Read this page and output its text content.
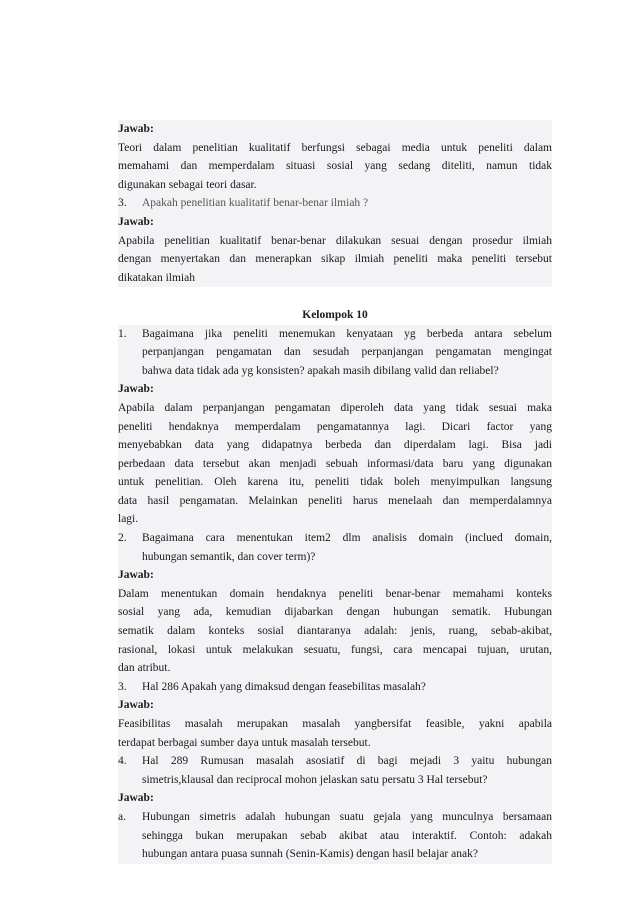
Jawab:
Teori dalam penelitian kualitatif berfungsi sebagai media untuk peneliti dalam
memahami dan memperdalam situasi sosial yang sedang diteliti, namun tidak
digunakan sebagai teori dasar.
3.	Apakah penelitian kualitatif benar-benar ilmiah ?
Jawab:
Apabila penelitian kualitatif benar-benar dilakukan sesuai dengan prosedur ilmiah
dengan menyertakan dan menerapkan sikap ilmiah peneliti maka peneliti tersebut
dikatakan ilmiah
Kelompok 10
1.	Bagaimana jika peneliti menemukan kenyataan yg berbeda antara sebelum
perpanjangan pengamatan dan sesudah perpanjangan pengamatan mengingat
bahwa data tidak ada yg konsisten? apakah masih dibilang valid dan reliabel?
Jawab:
Apabila dalam perpanjangan pengamatan diperoleh data yang tidak sesuai maka
peneliti hendaknya memperdalam pengamatannya lagi. Dicari factor yang
menyebabkan data yang didapatnya berbeda dan diperdalam lagi. Bisa jadi
perbedaan data tersebut akan menjadi sebuah informasi/data baru yang digunakan
untuk penelitian. Oleh karena itu, peneliti tidak boleh menyimpulkan langsung
data hasil pengamatan. Melainkan peneliti harus menelaah dan memperdalamnya
lagi.
2.	Bagaimana cara menentukan item2 dlm analisis domain (inclued domain,
hubungan semantik, dan cover term)?
Jawab:
Dalam menentukan domain hendaknya peneliti benar-benar memahami konteks
sosial yang ada, kemudian dijabarkan dengan hubungan sematik. Hubungan
sematik dalam konteks sosial diantaranya adalah: jenis, ruang, sebab-akibat,
rasional, lokasi untuk melakukan sesuatu, fungsi, cara mencapai tujuan, urutan,
dan atribut.
3.	Hal 286 Apakah yang dimaksud dengan feasebilitas masalah?
Jawab:
Feasibilitas masalah merupakan masalah yangbersifat feasible, yakni apabila
terdapat berbagai sumber daya untuk masalah tersebut.
4.	Hal 289 Rumusan masalah asosiatif di bagi mejadi 3 yaitu hubungan
simetris,klausal dan reciprocal mohon jelaskan satu persatu 3 Hal tersebut?
Jawab:
a.	Hubungan simetris adalah hubungan suatu gejala yang munculnya bersamaan
sehingga bukan merupakan sebab akibat atau interaktif. Contoh: adakah
hubungan antara puasa sunnah (Senin-Kamis) dengan hasil belajar anak?
